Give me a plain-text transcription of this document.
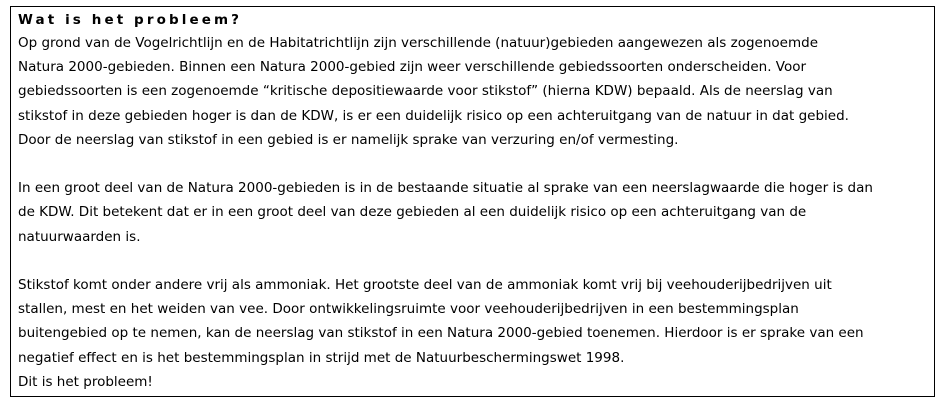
Wat is het probleem?
Op grond van de Vogelrichtlijn en de Habitatrichtlijn zijn verschillende (natuur)gebieden aangewezen als zogenoemde
Natura 2000-gebieden. Binnen een Natura 2000-gebied zijn weer verschillende gebiedssoorten onderscheiden. Voor
gebiedssoorten is een zogenoemde “kritische depositiewaarde voor stikstof” (hierna KDW) bepaald. Als de neerslag van
stikstof in deze gebieden hoger is dan de KDW, is er een duidelijk risico op een achteruitgang van de natuur in dat gebied.
Door de neerslag van stikstof in een gebied is er namelijk sprake van verzuring en/of vermesting.
In een groot deel van de Natura 2000-gebieden is in de bestaande situatie al sprake van een neerslagwaarde die hoger is dan
de KDW. Dit betekent dat er in een groot deel van deze gebieden al een duidelijk risico op een achteruitgang van de
natuurwaarden is.
Stikstof komt onder andere vrij als ammoniak. Het grootste deel van de ammoniak komt vrij bij veehouderijbedrijven uit
stallen, mest en het weiden van vee. Door ontwikkelingsruimte voor veehouderijbedrijven in een bestemmingsplan
buitengebied op te nemen, kan de neerslag van stikstof in een Natura 2000-gebied toenemen. Hierdoor is er sprake van een
negatief effect en is het bestemmingsplan in strijd met de Natuurbeschermingswet 1998.
Dit is het probleem!
